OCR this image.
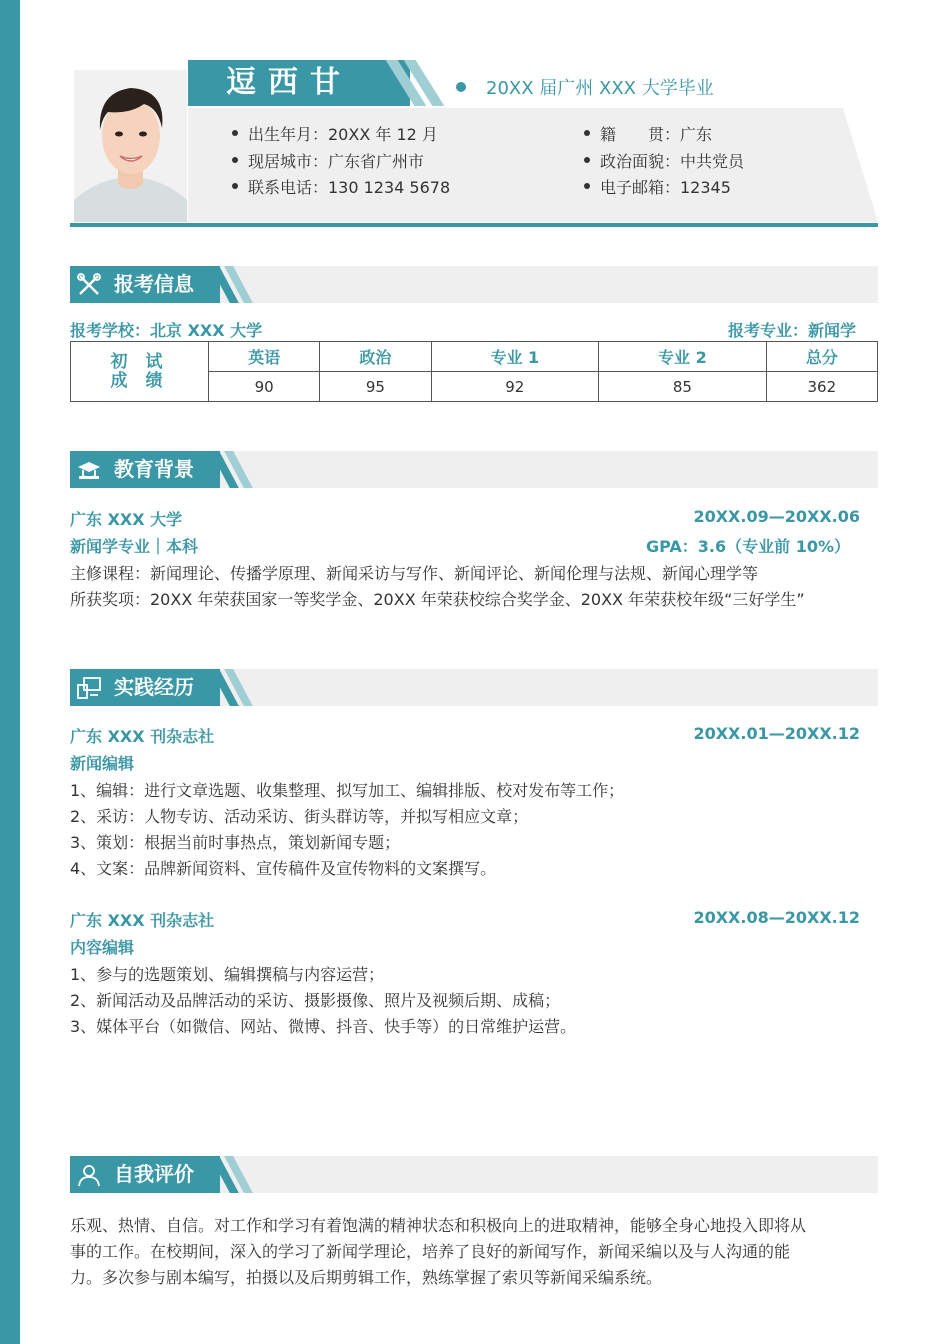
逗西甘	20XX 届广州 XXX 大学毕业
出生年月：20XX 年 12 月
现居城市：广东省广州市
联系电话：130 1234 5678
籍　　贯：广东
政治面貌：中共党员
电子邮箱：12345
报考信息
报考学校：北京 XXX 大学	报考专业：新闻学
初 试
成 绩	英语	政治	专业 1	专业 2	总分
	90	95	92	85	362
教育背景
广东 XXX 大学	20XX.09—20XX.06
新闻学专业｜本科	GPA：3.6（专业前 10%）
主修课程：新闻理论、传播学原理、新闻采访与写作、新闻评论、新闻伦理与法规、新闻心理学等
所获奖项：20XX 年荣获国家一等奖学金、20XX 年荣获校综合奖学金、20XX 年荣获校年级“三好学生”
实践经历
广东 XXX 刊杂志社	20XX.01—20XX.12
新闻编辑
1、编辑：进行文章选题、收集整理、拟写加工、编辑排版、校对发布等工作；
2、采访：人物专访、活动采访、街头群访等，并拟写相应文章；
3、策划：根据当前时事热点，策划新闻专题；
4、文案：品牌新闻资料、宣传稿件及宣传物料的文案撰写。
广东 XXX 刊杂志社	20XX.08—20XX.12
内容编辑
1、参与的选题策划、编辑撰稿与内容运营；
2、新闻活动及品牌活动的采访、摄影摄像、照片及视频后期、成稿；
3、媒体平台（如微信、网站、微博、抖音、快手等）的日常维护运营。
自我评价
乐观、热情、自信。对工作和学习有着饱满的精神状态和积极向上的进取精神，能够全身心地投入即将从
事的工作。在校期间，深入的学习了新闻学理论，培养了良好的新闻写作，新闻采编以及与人沟通的能
力。多次参与剧本编写，拍摄以及后期剪辑工作，熟练掌握了索贝等新闻采编系统。
